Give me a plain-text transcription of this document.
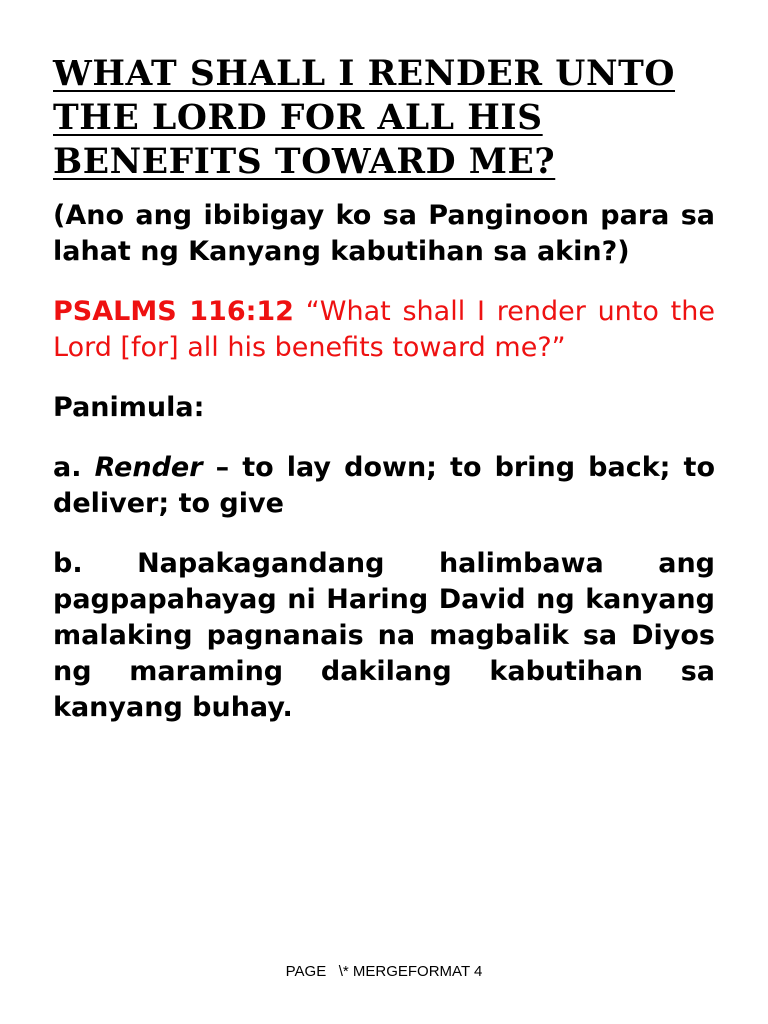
WHAT SHALL I RENDER UNTO THE LORD FOR ALL HIS BENEFITS TOWARD ME?

(Ano ang ibibigay ko sa Panginoon para sa lahat ng Kanyang kabutihan sa akin?)

PSALMS 116:12 “What shall I render unto the Lord [for] all his benefits toward me?”

Panimula:

a. Render – to lay down; to bring back; to deliver; to give

b. Napakagandang halimbawa ang pagpapahayag ni Haring David ng kanyang malaking pagnanais na magbalik sa Diyos ng maraming dakilang kabutihan sa kanyang buhay.

PAGE   \* MERGEFORMAT 4
